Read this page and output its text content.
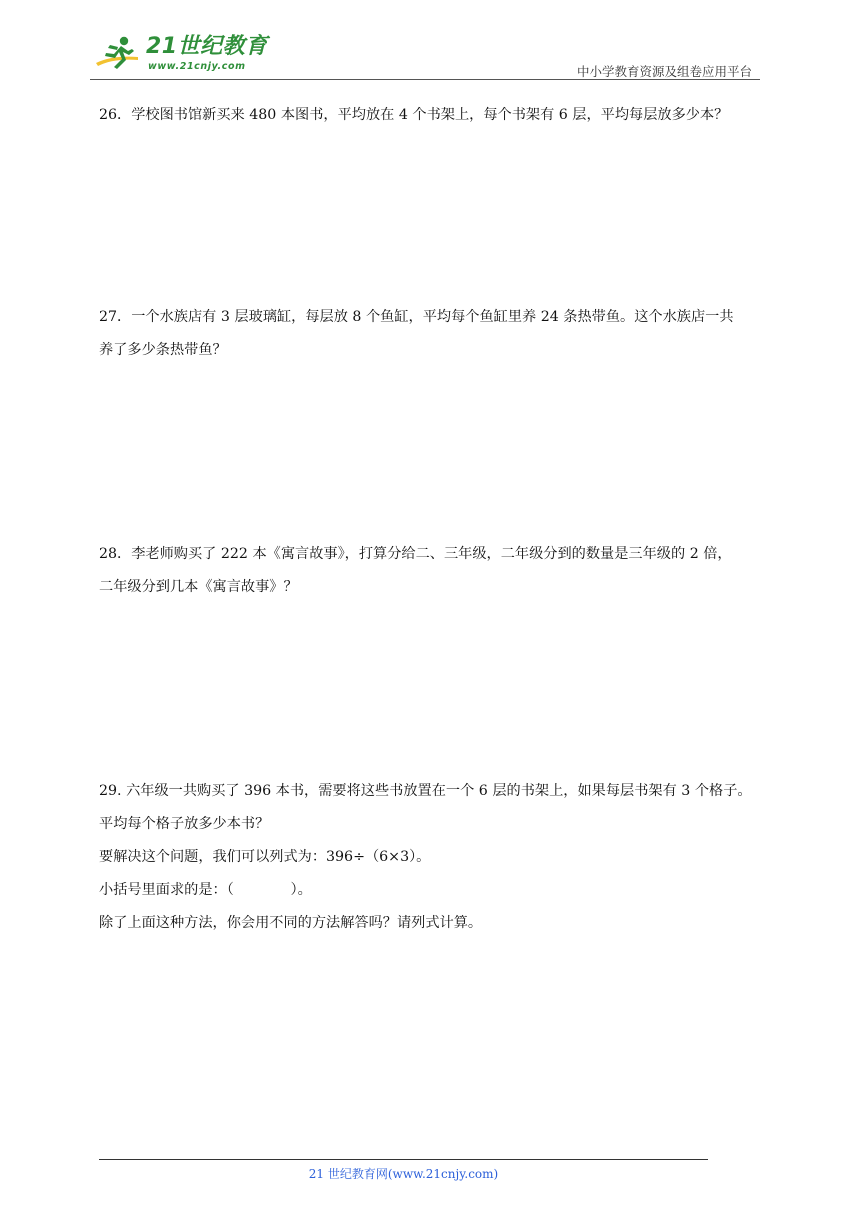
21世纪教育
www.21cnjy.com	中小学教育资源及组卷应用平台

26．学校图书馆新买来 480 本图书，平均放在 4 个书架上，每个书架有 6 层，平均每层放多少本？

27．一个水族店有 3 层玻璃缸，每层放 8 个鱼缸，平均每个鱼缸里养 24 条热带鱼。这个水族店一共

养了多少条热带鱼？

28．李老师购买了 222 本《寓言故事》，打算分给二、三年级，二年级分到的数量是三年级的 2 倍，

二年级分到几本《寓言故事》？

29. 六年级一共购买了 396 本书，需要将这些书放置在一个 6 层的书架上，如果每层书架有 3 个格子。

平均每个格子放多少本书？

要解决这个问题，我们可以列式为：396÷（6×3）。

小括号里面求的是：（　　　　）。

除了上面这种方法，你会用不同的方法解答吗？请列式计算。

21 世纪教育网(www.21cnjy.com)
